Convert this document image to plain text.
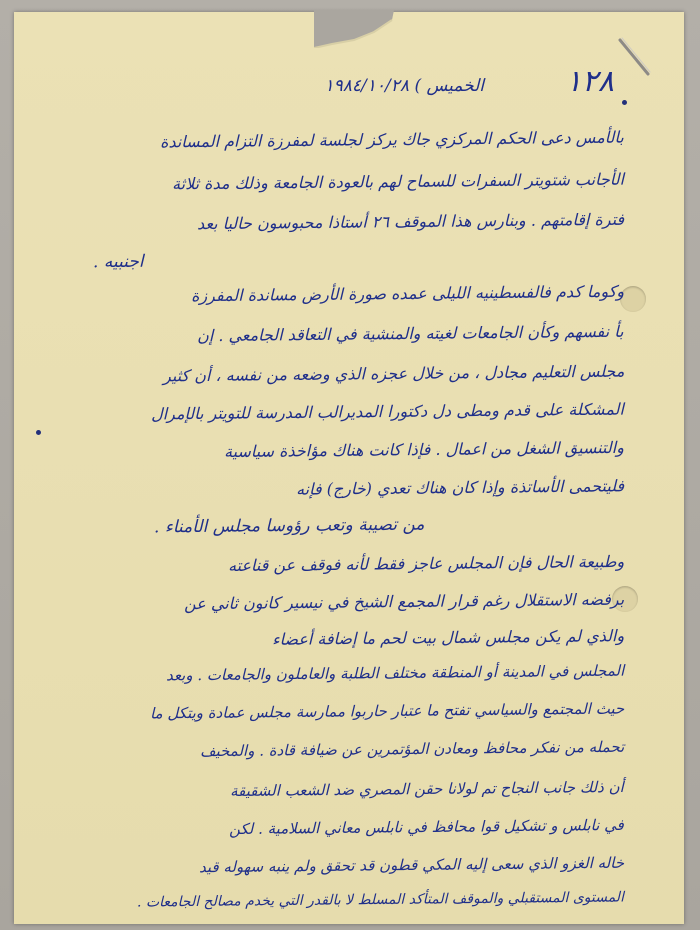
١٢٨
الخميس ) ١٩٨٤/١٠/٢٨
بالأمس دعى الحكم المركزي جاك يركز لجلسة لمفرزة التزام المساندة
الأجانب شتويتر السفرات للسماح لهم بالعودة الجامعة وذلك مدة ثلاثة
فترة إقامتهم . وبنارس هذا الموقف ٢٦ أستاذا محبوسون حاليا بعد
اجنبيه .
وكوما كدم فالفسطينيه الليلى عمده صورة الأرض مساندة المفرزة
بأ نفسهم وكأن الجامعات لغيته والمنشية في التعاقد الجامعي . إن
مجلس التعليم مجادل ، من خلال عجزه الذي وضعه من نفسه ، أن كثير
المشكلة على قدم ومطى دل دكتورا المديرالب المدرسة للتويتر بالإمرال
والتنسيق الشغل من اعمال . فإذا كانت هناك مؤاخذة سياسية
فليتحمى الأساتذة وإذا كان هناك تعدي (خارج) فإنه
من تصيبة وتعب رؤوسا مجلس الأمناء .
وطبيعة الحال فإن المجلس عاجز فقط لأنه فوقف عن قناعته
برفضه الاستقلال رغم قرار المجمع الشيخ في نيسير كانون ثاني عن
والذي لم يكن مجلس شمال بيت لحم ما إضافة أعضاء
المجلس في المدينة أو المنطقة مختلف الطلبة والعاملون والجامعات . وبعد
حيث المجتمع والسياسي تفتح ما عتبار حاربوا ممارسة مجلس عمادة ويتكل ما
تحمله من نفكر محافظ ومعادن المؤتمرين عن ضيافة قادة . والمخيف
أن ذلك جانب النجاح تم لولانا حقن المصري ضد الشعب الشقيقة
في نابلس و تشكيل قوا محافظ في نابلس معاني السلامية . لكن
خاله الغزو الذي سعى إليه المكي قطون قد تحقق ولم ينبه سهوله قيد
المستوى المستقبلي والموقف المتأكد المسلط لا بالقدر التي يخدم مصالح الجامعات .
